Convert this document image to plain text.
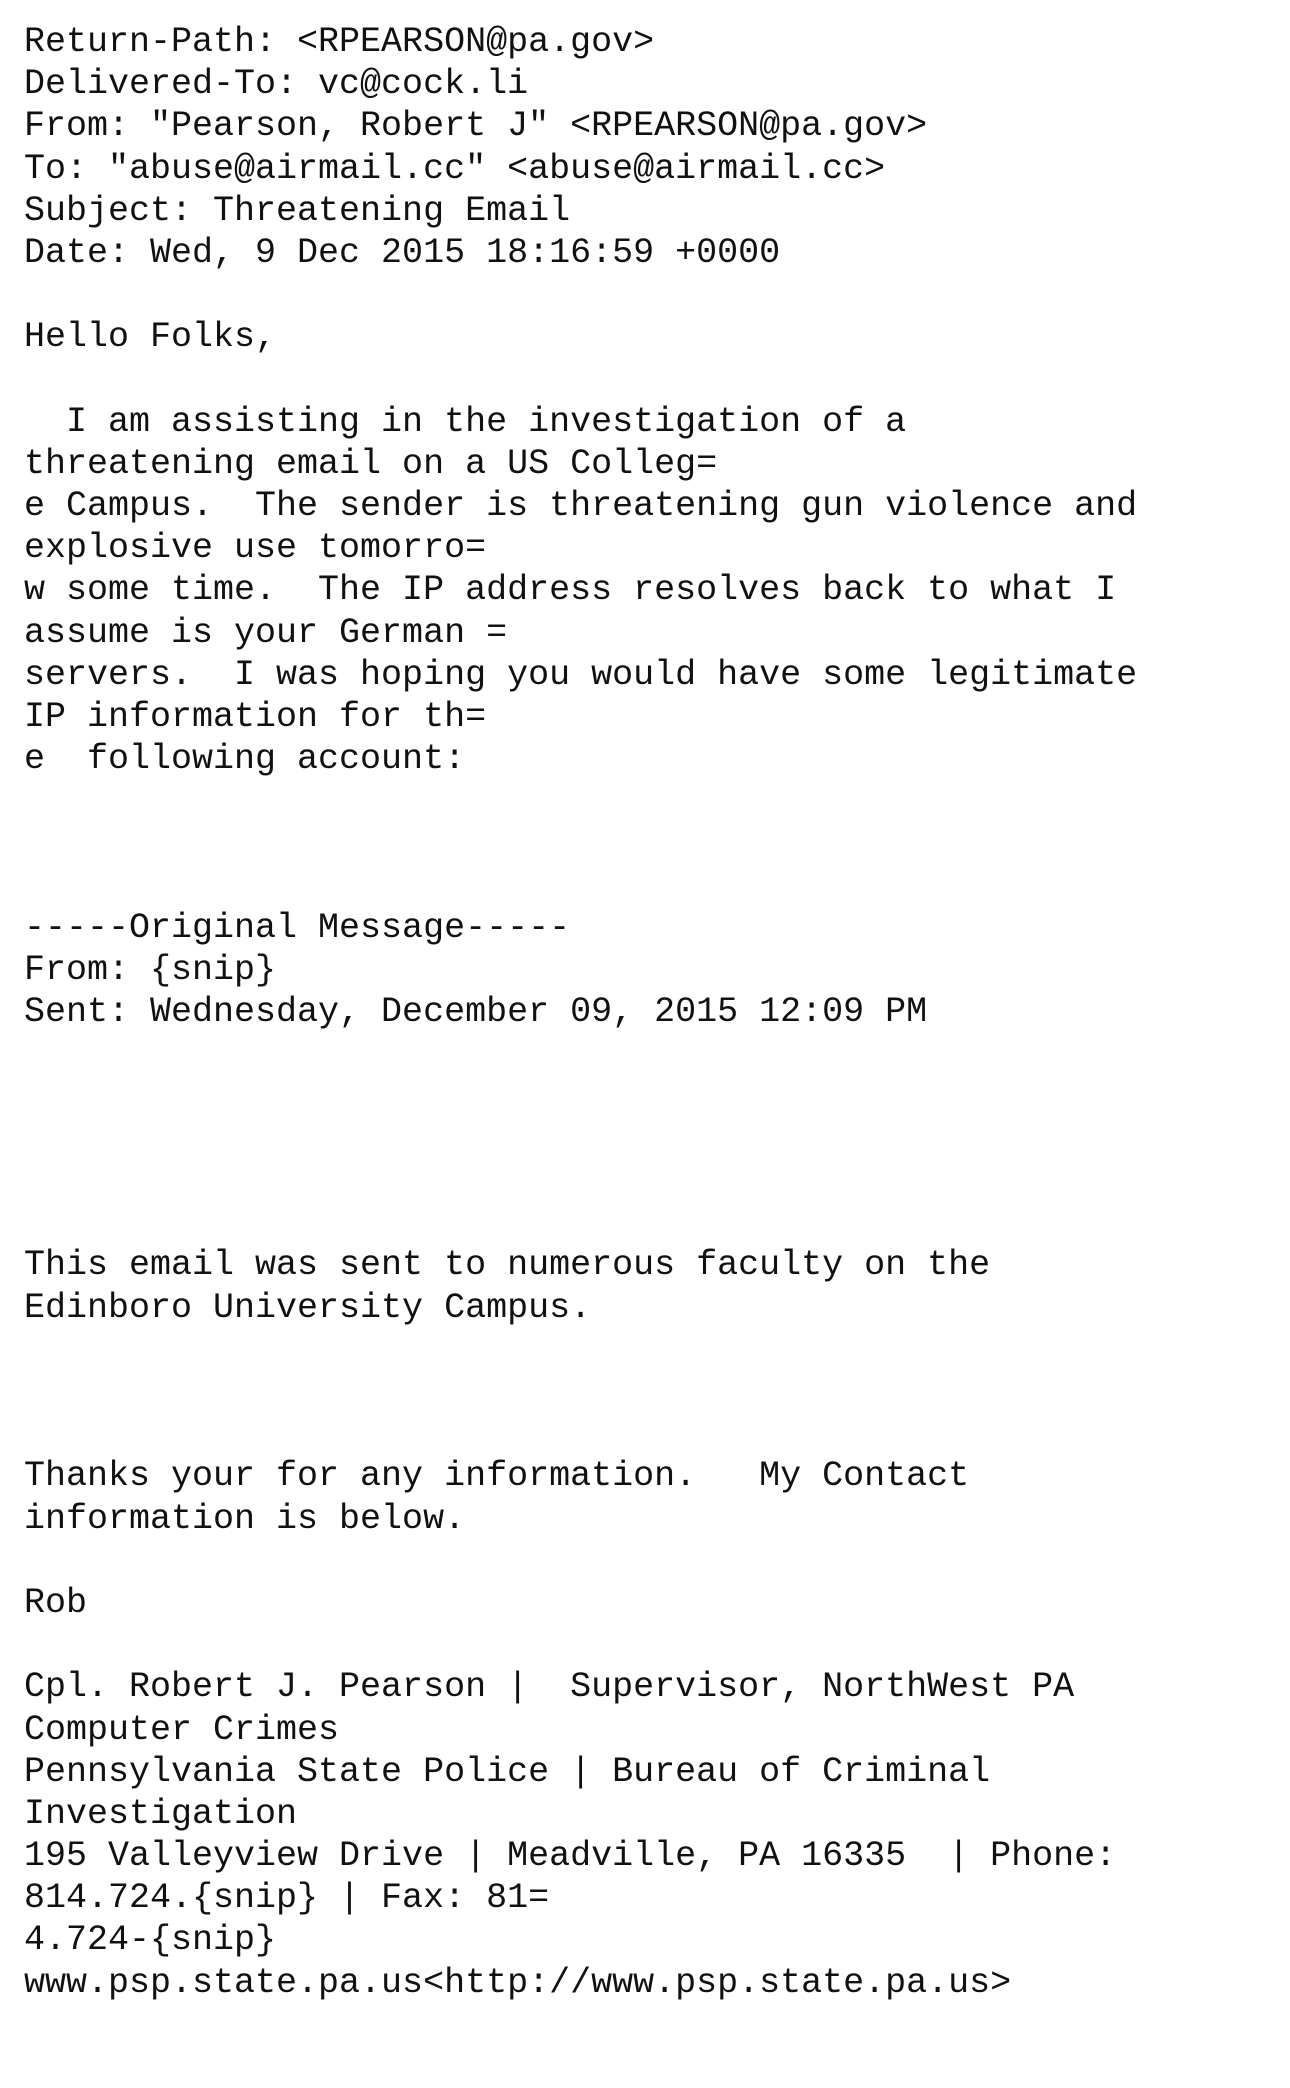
Return-Path: <RPEARSON@pa.gov>
Delivered-To: vc@cock.li
From: "Pearson, Robert J" <RPEARSON@pa.gov>
To: "abuse@airmail.cc" <abuse@airmail.cc>
Subject: Threatening Email
Date: Wed, 9 Dec 2015 18:16:59 +0000
Hello Folks,
I am assisting in the investigation of a
threatening email on a US Colleg=
e Campus.  The sender is threatening gun violence and
explosive use tomorro=
w some time.  The IP address resolves back to what I
assume is your German =
servers.  I was hoping you would have some legitimate
IP information for th=
e  following account:
-----Original Message-----
From: {snip}
Sent: Wednesday, December 09, 2015 12:09 PM
This email was sent to numerous faculty on the
Edinboro University Campus.
Thanks your for any information.   My Contact
information is below.
Rob
Cpl. Robert J. Pearson |  Supervisor, NorthWest PA
Computer Crimes
Pennsylvania State Police | Bureau of Criminal
Investigation
195 Valleyview Drive | Meadville, PA 16335  | Phone:
814.724.{snip} | Fax: 81=
4.724-{snip}
www.psp.state.pa.us<http://www.psp.state.pa.us>
